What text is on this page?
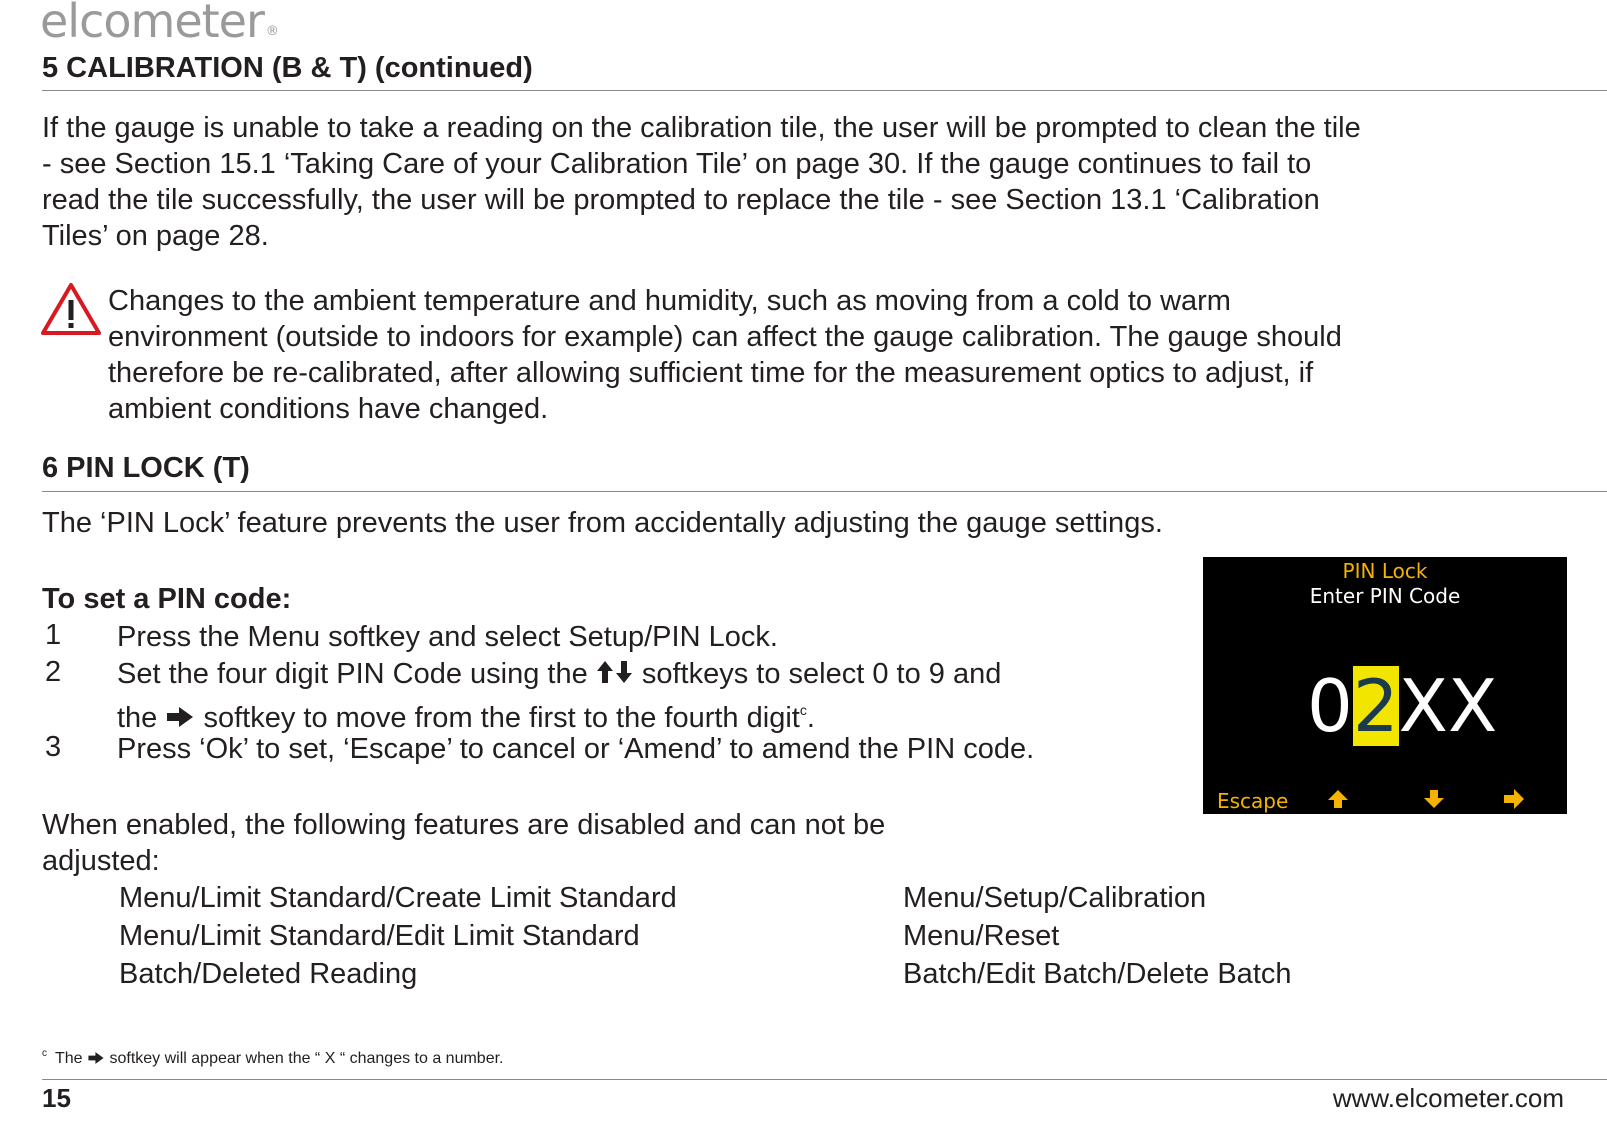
elcometer ®
5 CALIBRATION (B & T) (continued)

If the gauge is unable to take a reading on the calibration tile, the user will be prompted to clean the tile

- see Section 15.1 ‘Taking Care of your Calibration Tile’ on page 30. If the gauge continues to fail to

read the tile successfully, the user will be prompted to replace the tile - see Section 13.1 ‘Calibration

Tiles’ on page 28.

Changes to the ambient temperature and humidity, such as moving from a cold to warm
environment (outside to indoors for example) can affect the gauge calibration. The gauge should
therefore be re-calibrated, after allowing sufficient time for the measurement optics to adjust, if
ambient conditions have changed.
6 PIN LOCK (T)
The ‘PIN Lock’ feature prevents the user from accidentally adjusting the gauge settings.
To set a PIN code:
1 Press the Menu softkey and select Setup/PIN Lock.
2 Set the four digit PIN Code using the softkeys to select 0 to 9 and
the softkey to move from the first to the fourth digit$^c$.
3 Press ‘Ok’ to set, ‘Escape’ to cancel or ‘Amend’ to amend the PIN code.
PIN Lock
Enter PIN Code
02XX
Escape
When enabled, the following features are disabled and can not be
adjusted:
Menu/Limit Standard/Create Limit Standard
Menu/Limit Standard/Edit Limit Standard
Batch/Deleted Reading
Menu/Setup/Calibration
Menu/Reset
Batch/Edit Batch/Delete Batch
$^c$ The softkey will appear when the “ X “ changes to a number.
15	www.elcometer.com
